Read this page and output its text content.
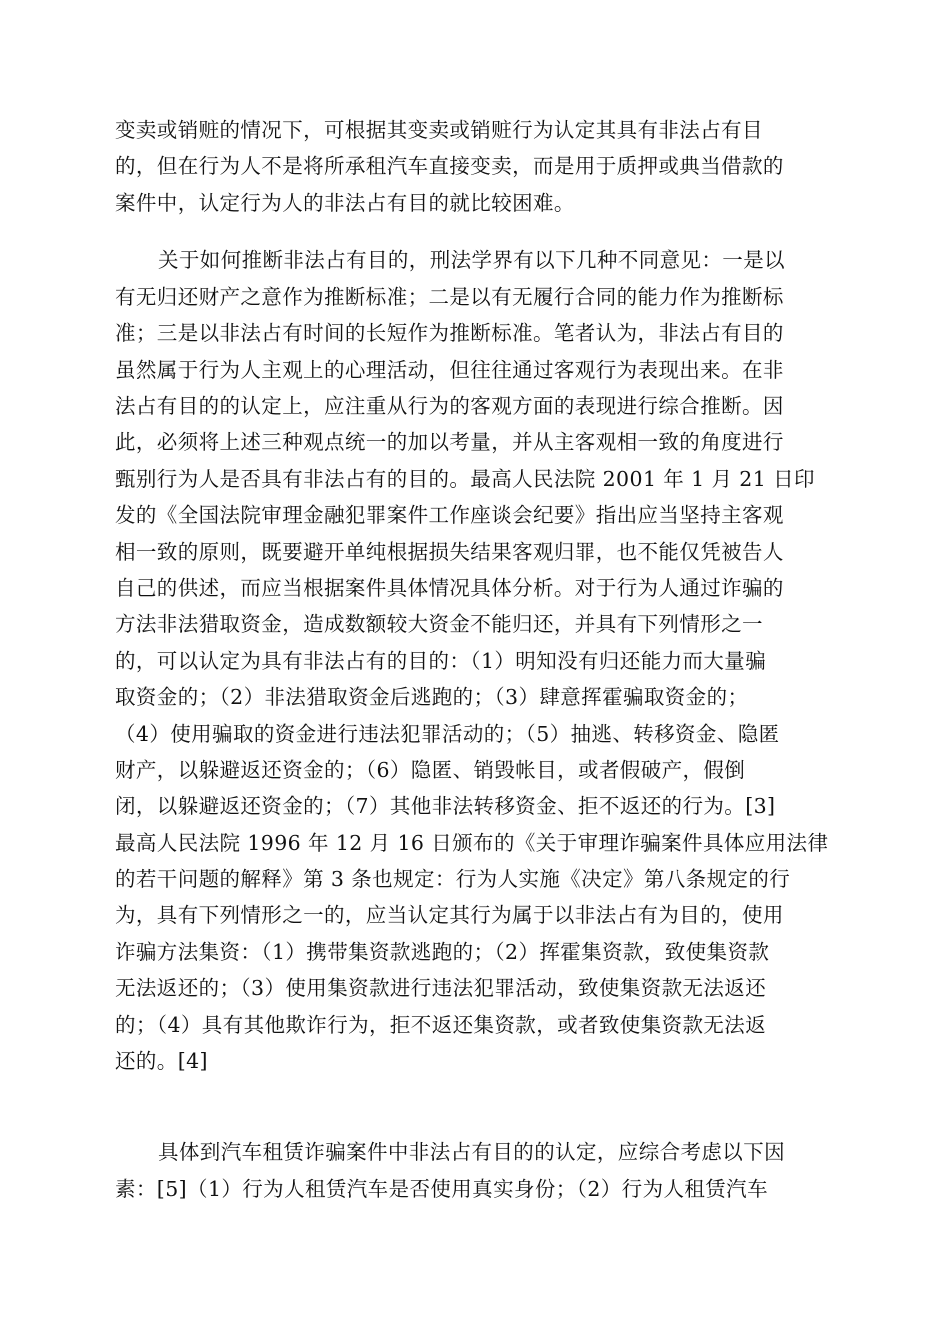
变卖或销赃的情况下，可根据其变卖或销赃行为认定其具有非法占有目
的，但在行为人不是将所承租汽车直接变卖，而是用于质押或典当借款的
案件中，认定行为人的非法占有目的就比较困难。
关于如何推断非法占有目的，刑法学界有以下几种不同意见：一是以
有无归还财产之意作为推断标准；二是以有无履行合同的能力作为推断标
准；三是以非法占有时间的长短作为推断标准。笔者认为，非法占有目的
虽然属于行为人主观上的心理活动，但往往通过客观行为表现出来。在非
法占有目的的认定上，应注重从行为的客观方面的表现进行综合推断。因
此，必须将上述三种观点统一的加以考量，并从主客观相一致的角度进行
甄别行为人是否具有非法占有的目的。最高人民法院 2001 年 1 月 21 日印
发的《全国法院审理金融犯罪案件工作座谈会纪要》指出应当坚持主客观
相一致的原则，既要避开单纯根据损失结果客观归罪，也不能仅凭被告人
自己的供述，而应当根据案件具体情况具体分析。对于行为人通过诈骗的
方法非法猎取资金，造成数额较大资金不能归还，并具有下列情形之一
的，可以认定为具有非法占有的目的：（1）明知没有归还能力而大量骗
取资金的；（2）非法猎取资金后逃跑的；（3）肆意挥霍骗取资金的；
（4）使用骗取的资金进行违法犯罪活动的；（5）抽逃、转移资金、隐匿
财产，以躲避返还资金的；（6）隐匿、销毁帐目，或者假破产，假倒
闭，以躲避返还资金的；（7）其他非法转移资金、拒不返还的行为。[3]
最高人民法院 1996 年 12 月 16 日颁布的《关于审理诈骗案件具体应用法律
的若干问题的解释》第 3 条也规定：行为人实施《决定》第八条规定的行
为，具有下列情形之一的，应当认定其行为属于以非法占有为目的，使用
诈骗方法集资：（1）携带集资款逃跑的；（2）挥霍集资款，致使集资款
无法返还的；（3）使用集资款进行违法犯罪活动，致使集资款无法返还
的；（4）具有其他欺诈行为，拒不返还集资款，或者致使集资款无法返
还的。[4]
具体到汽车租赁诈骗案件中非法占有目的的认定，应综合考虑以下因
素：[5]（1）行为人租赁汽车是否使用真实身份；（2）行为人租赁汽车
